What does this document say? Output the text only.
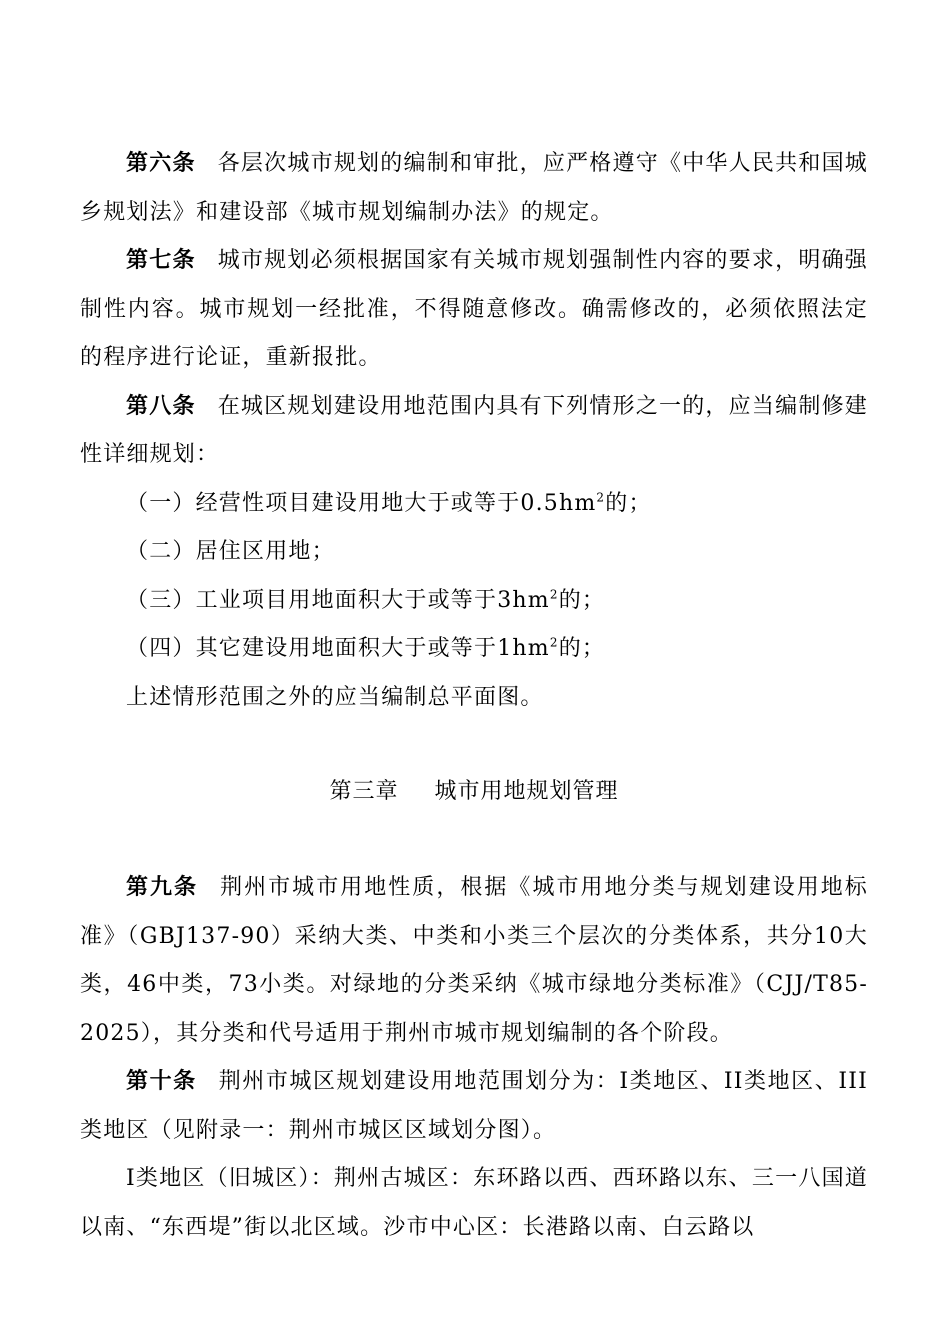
第六条 各层次城市规划的编制和审批，应严格遵守《中华人民共和国城乡规划法》和建设部《城市规划编制办法》的规定。

第七条 城市规划必须根据国家有关城市规划强制性内容的要求，明确强制性内容。城市规划一经批准，不得随意修改。确需修改的，必须依照法定的程序进行论证，重新报批。

第八条 在城区规划建设用地范围内具有下列情形之一的，应当编制修建性详细规划：

（一）经营性项目建设用地大于或等于$0.5hm^2$的；

（二）居住区用地；

（三）工业项目用地面积大于或等于$3hm^2$的；

（四）其它建设用地面积大于或等于$1hm^2$的；

上述情形范围之外的应当编制总平面图。

第三章 城市用地规划管理

第九条 荆州市城市用地性质，根据《城市用地分类与规划建设用地标准》（GBJ137-90）采纳大类、中类和小类三个层次的分类体系，共分10大类，46中类，73小类。对绿地的分类采纳《城市绿地分类标准》（CJJ/T85-2025），其分类和代号适用于荆州市城市规划编制的各个阶段。

第十条 荆州市城区规划建设用地范围划分为：I类地区、II类地区、III类地区（见附录一：荆州市城区区域划分图）。

I类地区（旧城区）：荆州古城区：东环路以西、西环路以东、三一八国道以南、“东西堤”街以北区域。沙市中心区：长港路以南、白云路以
